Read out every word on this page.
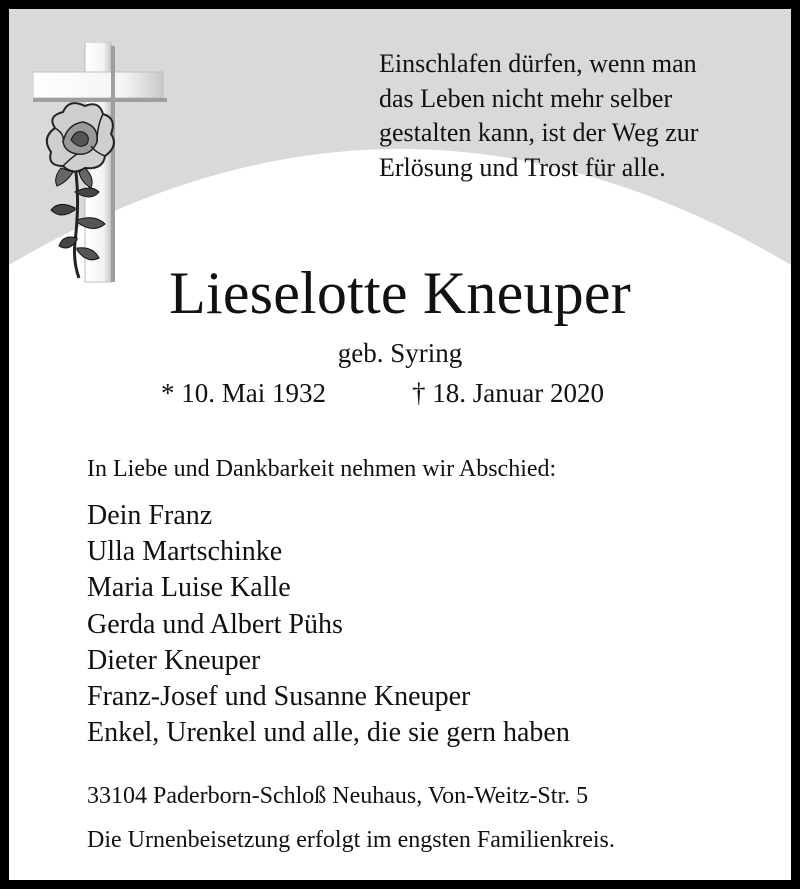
Einschlafen dürfen, wenn man
das Leben nicht mehr selber
gestalten kann, ist der Weg zur
Erlösung und Trost für alle.
Lieselotte Kneuper
geb. Syring
* 10. Mai 1932	† 18. Januar 2020
In Liebe und Dankbarkeit nehmen wir Abschied:
Dein Franz
Ulla Martschinke
Maria Luise Kalle
Gerda und Albert Pühs
Dieter Kneuper
Franz-Josef und Susanne Kneuper
Enkel, Urenkel und alle, die sie gern haben
33104 Paderborn-Schloß Neuhaus, Von-Weitz-Str. 5
Die Urnenbeisetzung erfolgt im engsten Familienkreis.
